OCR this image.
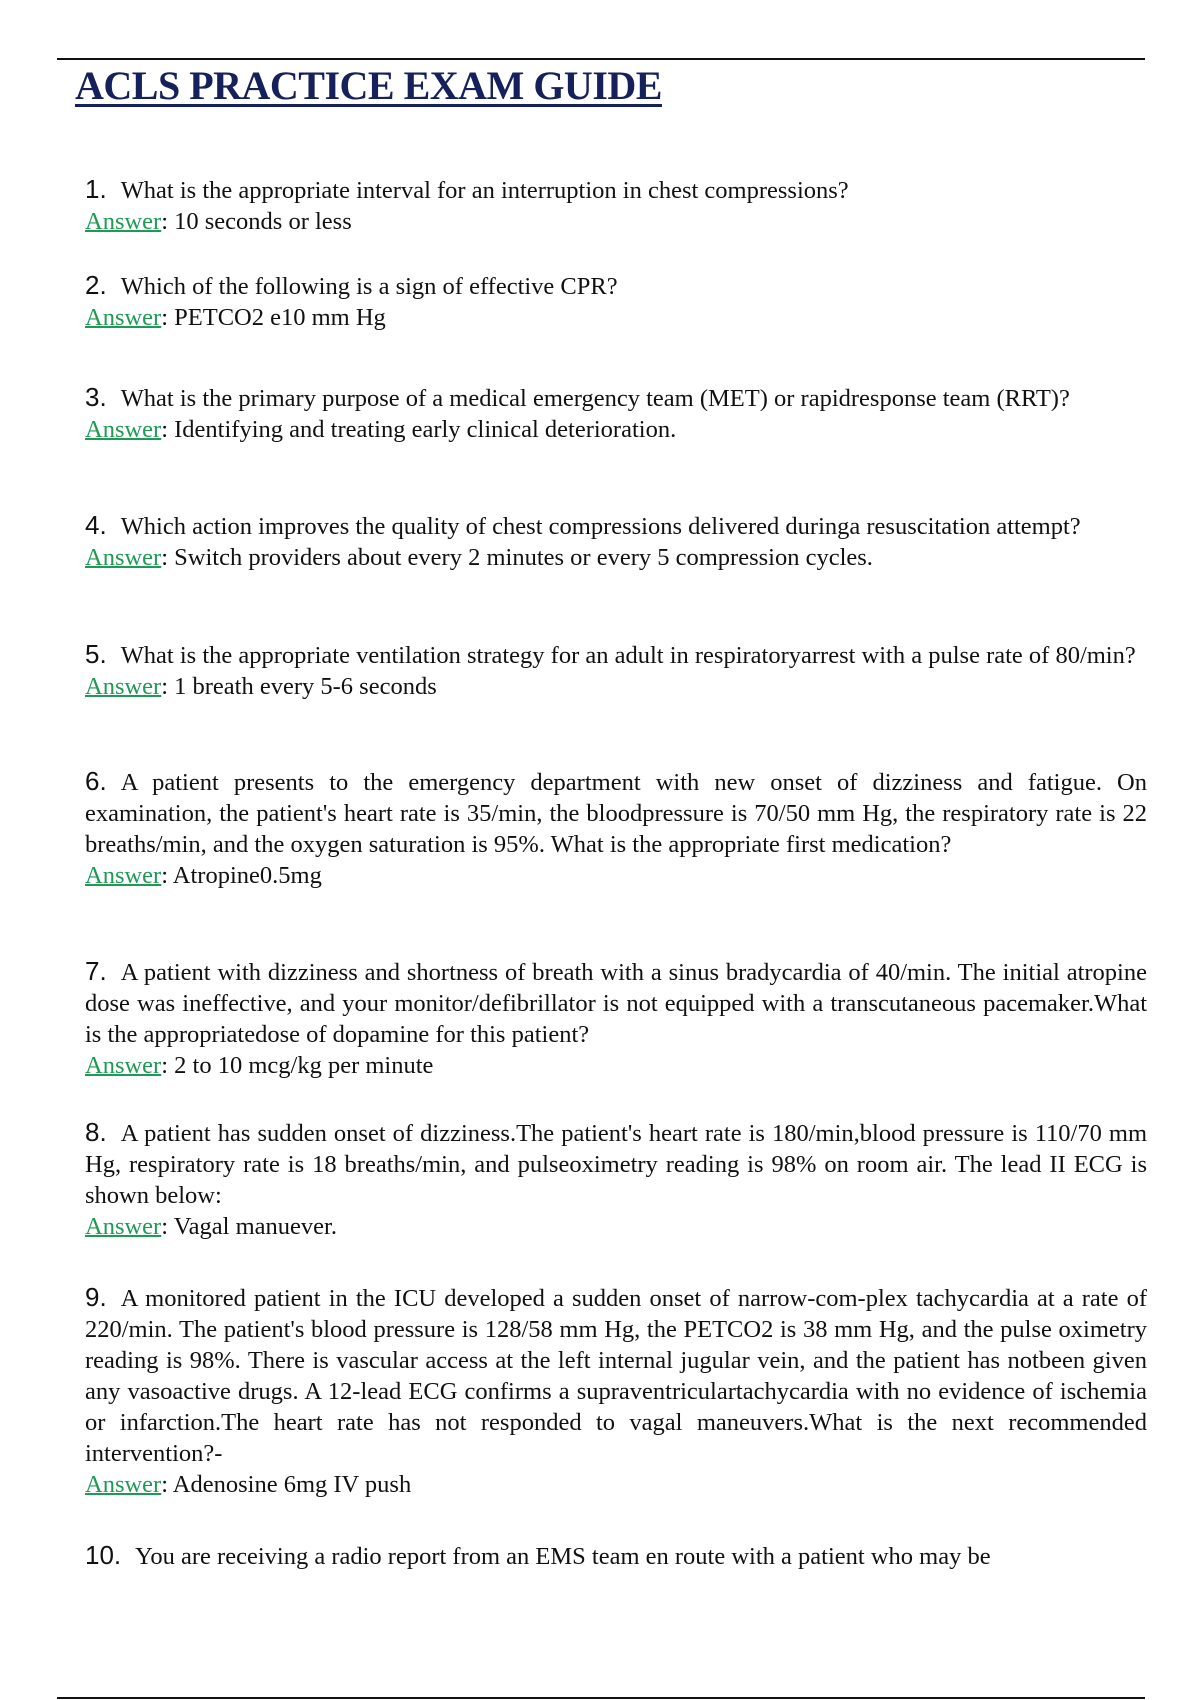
ACLS PRACTICE EXAM GUIDE
1. What is the appropriate interval for an interruption in chest compressions?
Answer: 10 seconds or less
2. Which of the following is a sign of effective CPR?
Answer: PETCO2 e10 mm Hg
3. What is the primary purpose of a medical emergency team (MET) or rapidresponse team (RRT)?
Answer: Identifying and treating early clinical deterioration.
4. Which action improves the quality of chest compressions delivered duringa resuscitation attempt?
Answer: Switch providers about every 2 minutes or every 5 compression cycles.
5. What is the appropriate ventilation strategy for an adult in respiratoryarrest with a pulse rate of 80/min?
Answer: 1 breath every 5-6 seconds
6. A patient presents to the emergency department with new onset of dizziness and fatigue. On examination, the patient's heart rate is 35/min, the bloodpressure is 70/50 mm Hg, the respiratory rate is 22 breaths/min, and the oxygen saturation is 95%. What is the appropriate first medication?
Answer: Atropine0.5mg
7. A patient with dizziness and shortness of breath with a sinus bradycardia of 40/min. The initial atropine dose was ineffective, and your monitor/defibrillator is not equipped with a transcutaneous pacemaker.What is the appropriatedose of dopamine for this patient?
Answer: 2 to 10 mcg/kg per minute
8. A patient has sudden onset of dizziness.The patient's heart rate is 180/min,blood pressure is 110/70 mm Hg, respiratory rate is 18 breaths/min, and pulseoximetry reading is 98% on room air. The lead II ECG is shown below:
Answer: Vagal manuever.
9. A monitored patient in the ICU developed a sudden onset of narrow-com-plex tachycardia at a rate of 220/min. The patient's blood pressure is 128/58 mm Hg, the PETCO2 is 38 mm Hg, and the pulse oximetry reading is 98%. There is vascular access at the left internal jugular vein, and the patient has notbeen given any vasoactive drugs. A 12-lead ECG confirms a supraventriculartachycardia with no evidence of ischemia or infarction.The heart rate has not responded to vagal maneuvers.What is the next recommended intervention?-
Answer: Adenosine 6mg IV push
10. You are receiving a radio report from an EMS team en route with a patient who may be
